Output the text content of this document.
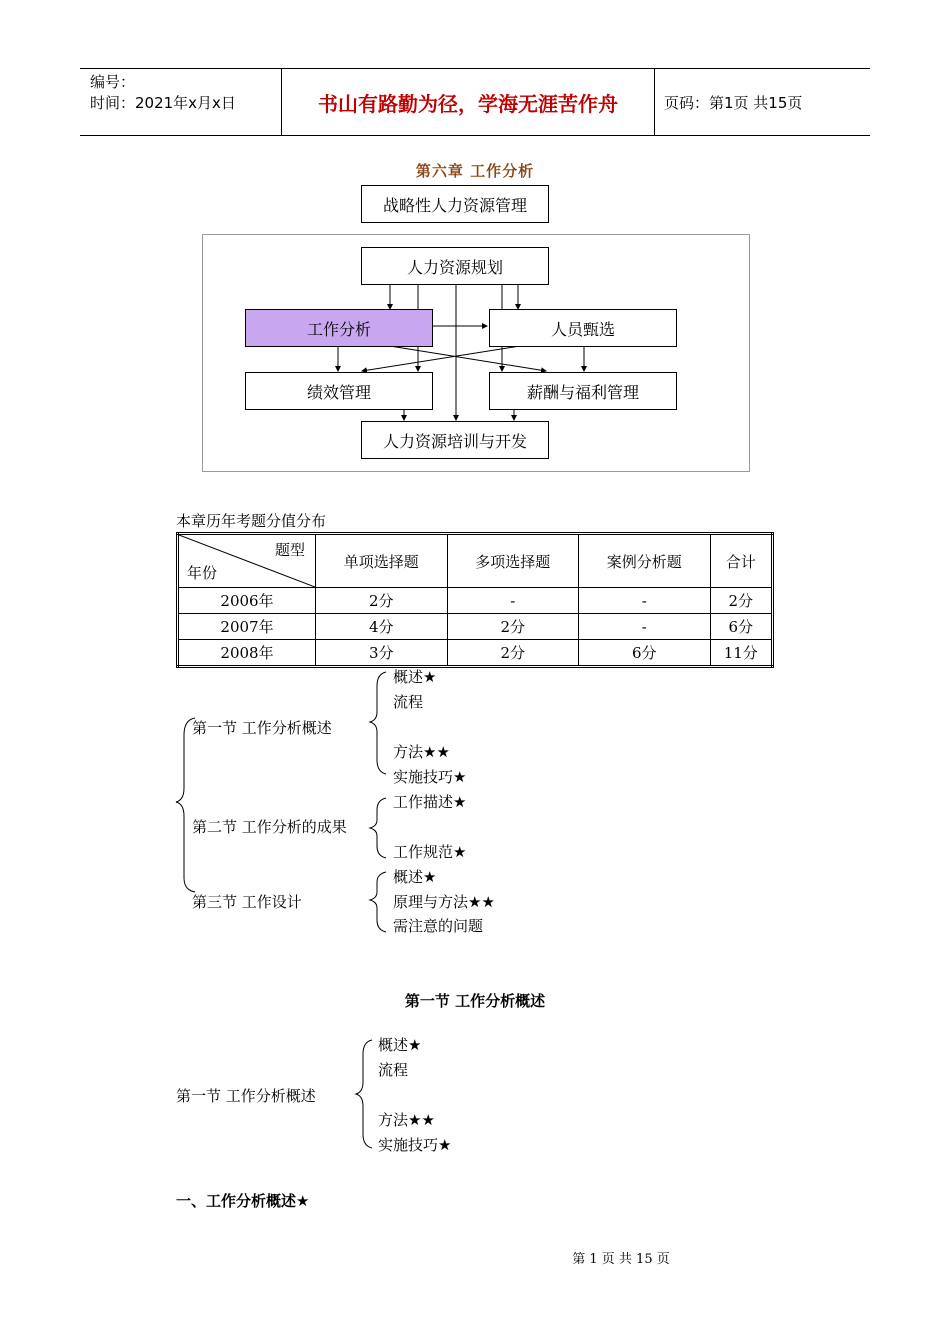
编号：
时间：2021年x月x日	书山有路勤为径，学海无涯苦作舟	页码：第1页 共15页
第六章 工作分析
战略性人力资源管理
人力资源规划
工作分析	人员甄选
绩效管理	薪酬与福利管理
人力资源培训与开发
本章历年考题分值分布
题型
年份	单项选择题	多项选择题	案例分析题	合计
2006年	2分	-	-	2分
2007年	4分	2分	-	6分
2008年	3分	2分	6分	11分
第一节 工作分析概述
概述★
流程
方法★★
实施技巧★
第二节 工作分析的成果
工作描述★
工作规范★
第三节 工作设计
概述★
原理与方法★★
需注意的问题
第一节 工作分析概述
第一节 工作分析概述
概述★
流程
方法★★
实施技巧★
一、工作分析概述★
第 1 页 共 15 页
